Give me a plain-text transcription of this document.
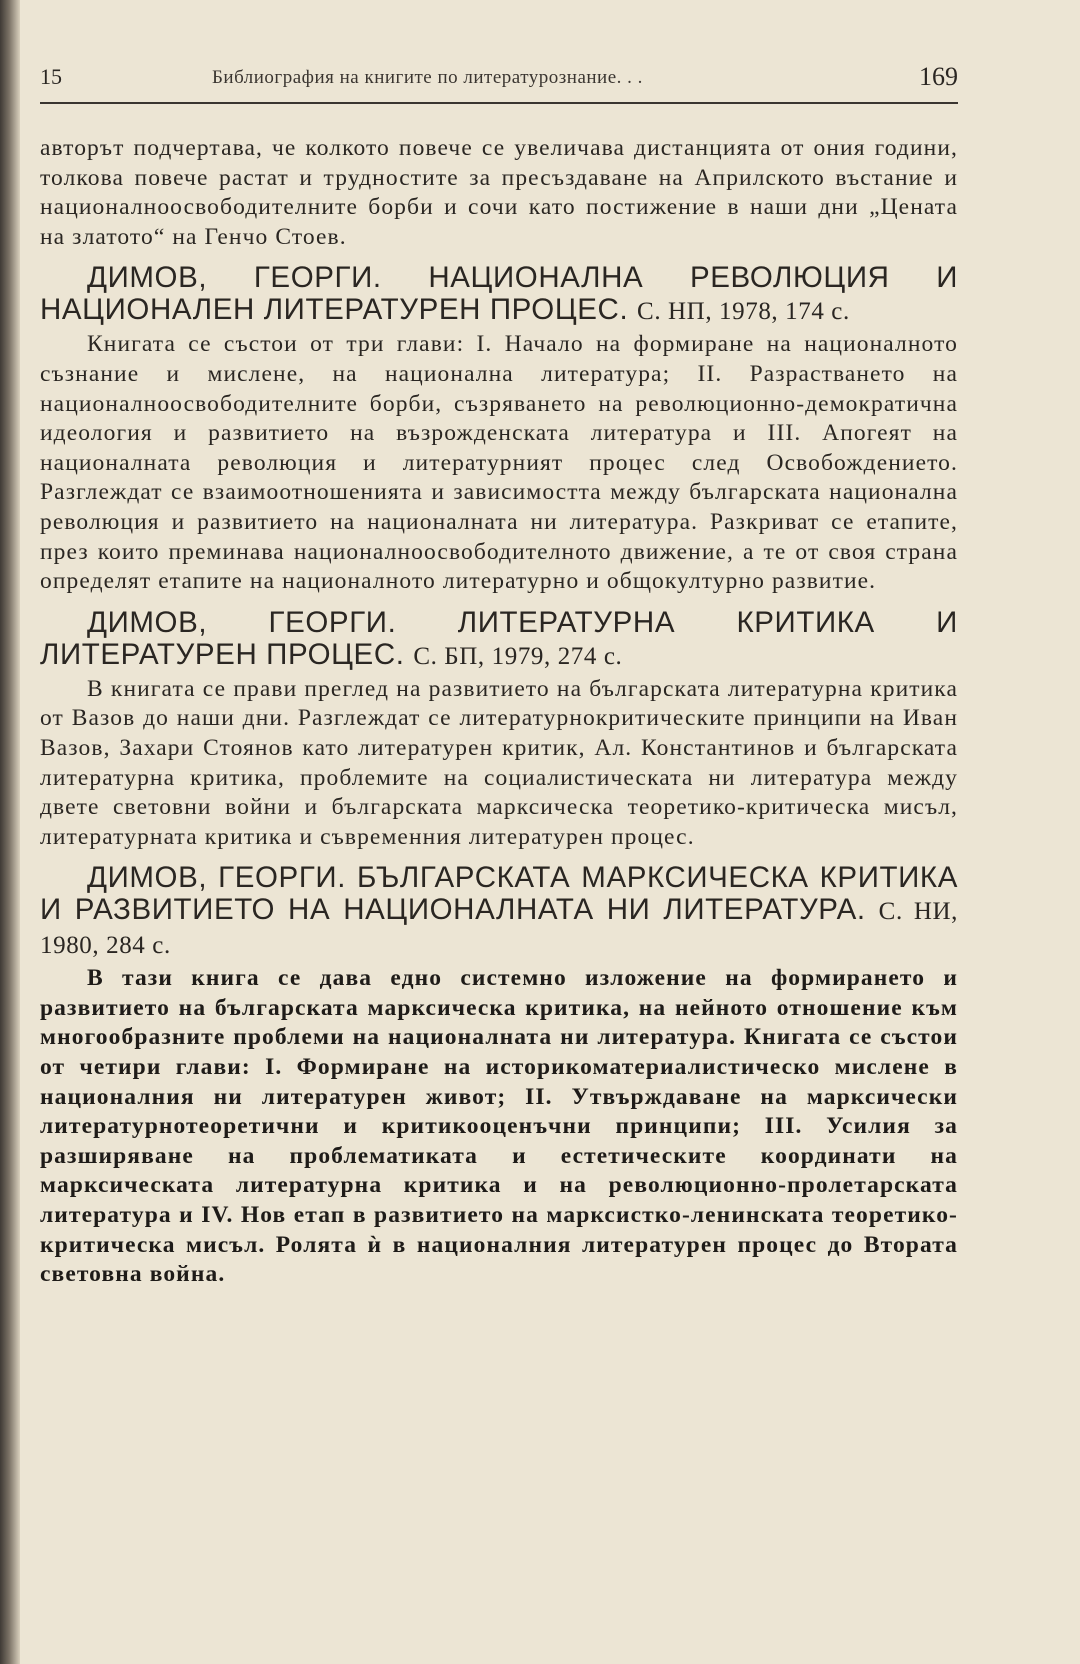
15	Библиография на книгите по литературознание. . .	169

авторът подчертава, че колкото повече се увеличава дистанцията от ония години, толкова повече растат и трудностите за пресъздаване на Априлското въстание и националноосвободителните борби и сочи като постижение в наши дни „Цената на златото“ на Генчо Стоев.

ДИМОВ, ГЕОРГИ. НАЦИОНАЛНА РЕВОЛЮЦИЯ И НАЦИОНАЛЕН ЛИТЕРАТУРЕН ПРОЦЕС. С. НП, 1978, 174 с.

Книгата се състои от три глави: I. Начало на формиране на националното съзнание и мислене, на национална литература; II. Разрастването на националноосвободителните борби, съзряването на революционно-демократична идеология и развитието на възрожденската литература и III. Апогеят на националната революция и литературният процес след Освобождението. Разглеждат се взаимоотношенията и зависимостта между българската национална революция и развитието на националната ни литература. Разкриват се етапите, през които преминава националноосвободителното движение, а те от своя страна определят етапите на националното литературно и общокултурно развитие.

ДИМОВ, ГЕОРГИ. ЛИТЕРАТУРНА КРИТИКА И ЛИТЕРАТУРЕН ПРОЦЕС. С. БП, 1979, 274 с.

В книгата се прави преглед на развитието на българската литературна критика от Вазов до наши дни. Разглеждат се литературнокритическите принципи на Иван Вазов, Захари Стоянов като литературен критик, Ал. Константинов и българската литературна критика, проблемите на социалистическата ни литература между двете световни войни и българската марксическа теоретико-критическа мисъл, литературната критика и съвременния литературен процес.

ДИМОВ, ГЕОРГИ. БЪЛГАРСКАТА МАРКСИЧЕСКА КРИТИКА И РАЗВИТИЕТО НА НАЦИОНАЛНАТА НИ ЛИТЕРАТУРА. С. НИ, 1980, 284 с.

В тази книга се дава едно системно изложение на формирането и развитието на българската марксическа критика, на нейното отношение към многообразните проблеми на националната ни литература. Книгата се състои от четири глави: I. Формиране на историкоматериалистическо мислене в националния ни литературен живот; II. Утвърждаване на марксически литературнотеоретични и критикооценъчни принципи; III. Усилия за разширяване на проблематиката и естетическите координати на марксическата литературна критика и на революционно-пролетарската литература и IV. Нов етап в развитието на марксистко-ленинската теоретико-критическа мисъл. Ролята ѝ в националния литературен процес до Втората световна война.
